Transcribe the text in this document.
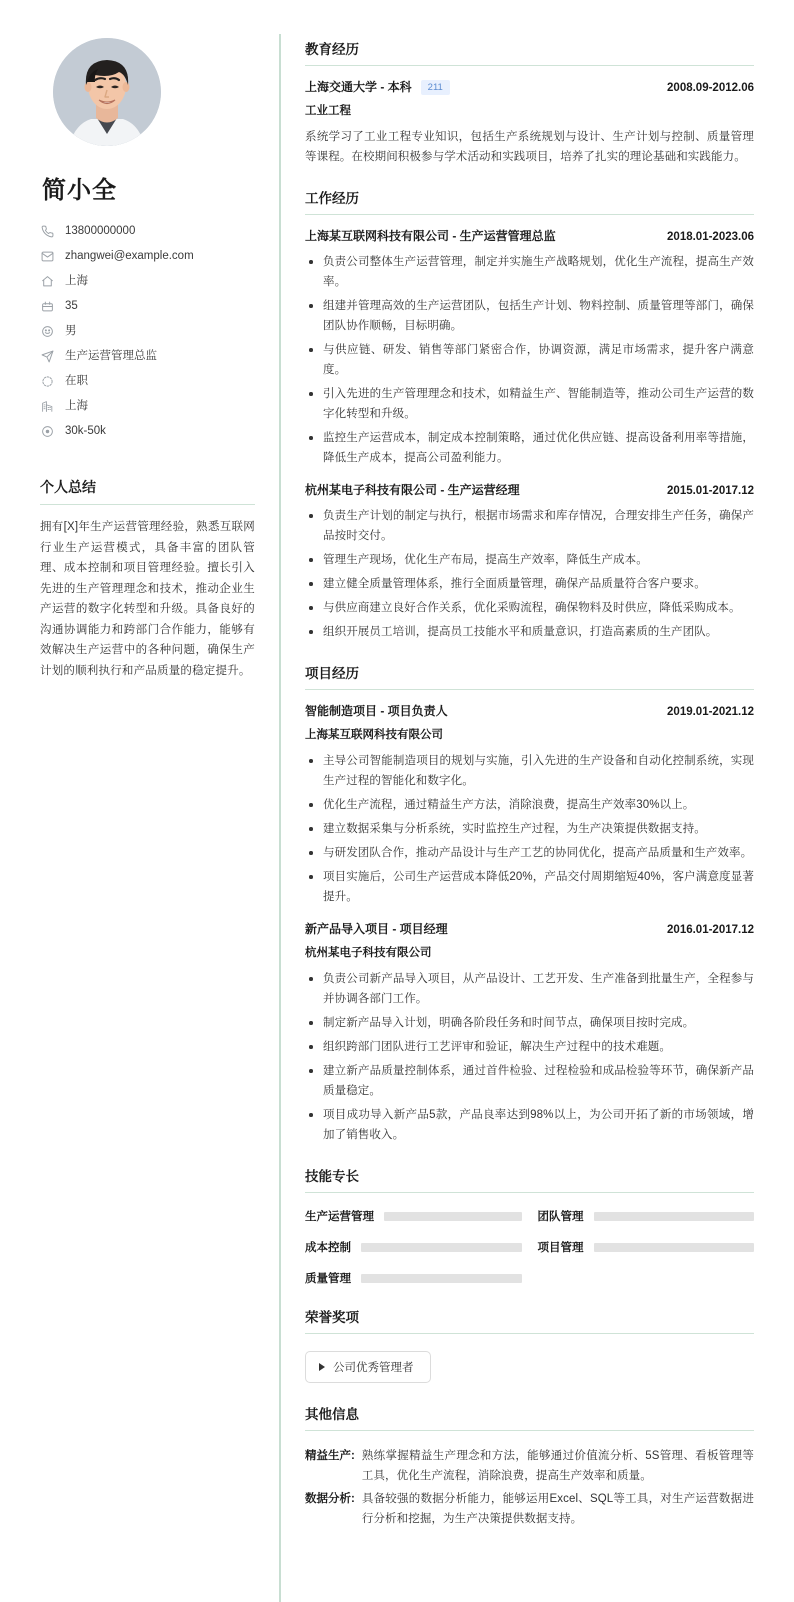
简小全
13800000000
zhangwei@example.com
上海
35
男
生产运营管理总监
在职
上海
30k-50k
个人总结
拥有[X]年生产运营管理经验，熟悉互联网行业生产运营模式，具备丰富的团队管理、成本控制和项目管理经验。擅长引入先进的生产管理理念和技术，推动企业生产运营的数字化转型和升级。具备良好的沟通协调能力和跨部门合作能力，能够有效解决生产运营中的各种问题，确保生产计划的顺利执行和产品质量的稳定提升。
教育经历
上海交通大学 - 本科	211	2008.09-2012.06
工业工程
系统学习了工业工程专业知识，包括生产系统规划与设计、生产计划与控制、质量管理等课程。在校期间积极参与学术活动和实践项目，培养了扎实的理论基础和实践能力。
工作经历
上海某互联网科技有限公司 - 生产运营管理总监	2018.01-2023.06
负责公司整体生产运营管理，制定并实施生产战略规划，优化生产流程，提高生产效率。
组建并管理高效的生产运营团队，包括生产计划、物料控制、质量管理等部门，确保团队协作顺畅，目标明确。
与供应链、研发、销售等部门紧密合作，协调资源，满足市场需求，提升客户满意度。
引入先进的生产管理理念和技术，如精益生产、智能制造等，推动公司生产运营的数字化转型和升级。
监控生产运营成本，制定成本控制策略，通过优化供应链、提高设备利用率等措施，降低生产成本，提高公司盈利能力。
杭州某电子科技有限公司 - 生产运营经理	2015.01-2017.12
负责生产计划的制定与执行，根据市场需求和库存情况，合理安排生产任务，确保产品按时交付。
管理生产现场，优化生产布局，提高生产效率，降低生产成本。
建立健全质量管理体系，推行全面质量管理，确保产品质量符合客户要求。
与供应商建立良好合作关系，优化采购流程，确保物料及时供应，降低采购成本。
组织开展员工培训，提高员工技能水平和质量意识，打造高素质的生产团队。
项目经历
智能制造项目 - 项目负责人	2019.01-2021.12
上海某互联网科技有限公司
主导公司智能制造项目的规划与实施，引入先进的生产设备和自动化控制系统，实现生产过程的智能化和数字化。
优化生产流程，通过精益生产方法，消除浪费，提高生产效率30%以上。
建立数据采集与分析系统，实时监控生产过程，为生产决策提供数据支持。
与研发团队合作，推动产品设计与生产工艺的协同优化，提高产品质量和生产效率。
项目实施后，公司生产运营成本降低20%，产品交付周期缩短40%，客户满意度显著提升。
新产品导入项目 - 项目经理	2016.01-2017.12
杭州某电子科技有限公司
负责公司新产品导入项目，从产品设计、工艺开发、生产准备到批量生产，全程参与并协调各部门工作。
制定新产品导入计划，明确各阶段任务和时间节点，确保项目按时完成。
组织跨部门团队进行工艺评审和验证，解决生产过程中的技术难题。
建立新产品质量控制体系，通过首件检验、过程检验和成品检验等环节，确保新产品质量稳定。
项目成功导入新产品5款，产品良率达到98%以上，为公司开拓了新的市场领域，增加了销售收入。
技能专长
生产运营管理	团队管理
成本控制	项目管理
质量管理
荣誉奖项
公司优秀管理者
其他信息
精益生产: 熟练掌握精益生产理念和方法，能够通过价值流分析、5S管理、看板管理等工具，优化生产流程，消除浪费，提高生产效率和质量。
数据分析: 具备较强的数据分析能力，能够运用Excel、SQL等工具，对生产运营数据进行分析和挖掘，为生产决策提供数据支持。
